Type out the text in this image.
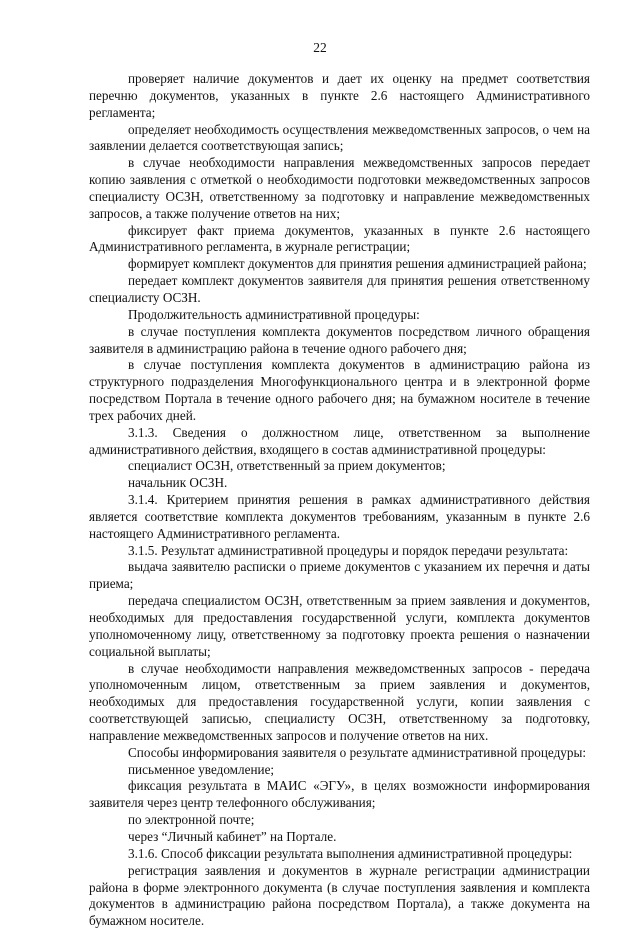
22

проверяет наличие документов и дает их оценку на предмет соответствия перечню документов, указанных в пункте 2.6 настоящего Административного регламента;

определяет необходимость осуществления межведомственных запросов, о чем на заявлении делается соответствующая запись;

в случае необходимости направления межведомственных запросов передает копию заявления с отметкой о необходимости подготовки межведомственных запросов специалисту ОСЗН, ответственному за подготовку и направление межведомственных запросов, а также получение ответов на них;

фиксирует факт приема документов, указанных в пункте 2.6 настоящего Административного регламента, в журнале регистрации;

формирует комплект документов для принятия решения администрацией района;

передает комплект документов заявителя для принятия решения ответственному специалисту ОСЗН.

Продолжительность административной процедуры:

в случае поступления комплекта документов посредством личного обращения заявителя в администрацию района в течение одного рабочего дня;

в случае поступления комплекта документов в администрацию района из структурного подразделения Многофункционального центра и в электронной форме посредством Портала в течение одного рабочего дня; на бумажном носителе в течение трех рабочих дней.

3.1.3. Сведения о должностном лице, ответственном за выполнение административного действия, входящего в состав административной процедуры:

специалист ОСЗН, ответственный за прием документов;

начальник ОСЗН.

3.1.4. Критерием принятия решения в рамках административного действия является соответствие комплекта документов требованиям, указанным в пункте 2.6 настоящего Административного регламента.

3.1.5. Результат административной процедуры и порядок передачи результата:

выдача заявителю расписки о приеме документов с указанием их перечня и даты приема;

передача специалистом ОСЗН, ответственным за прием заявления и документов, необходимых для предоставления государственной услуги, комплекта документов уполномоченному лицу, ответственному за подготовку проекта решения о назначении социальной выплаты;

в случае необходимости направления межведомственных запросов - передача уполномоченным лицом, ответственным за прием заявления и документов, необходимых для предоставления государственной услуги, копии заявления с соответствующей записью, специалисту ОСЗН, ответственному за подготовку, направление межведомственных запросов и получение ответов на них.

Способы информирования заявителя о результате административной процедуры:

письменное уведомление;

фиксация результата в МАИС «ЭГУ», в целях возможности информирования заявителя через центр телефонного обслуживания;

по электронной почте;

через “Личный кабинет” на Портале.

3.1.6. Способ фиксации результата выполнения административной процедуры:

регистрация заявления и документов в журнале регистрации администрации района в форме электронного документа (в случае поступления заявления и комплекта документов в администрацию района посредством Портала), а также документа на бумажном носителе.
